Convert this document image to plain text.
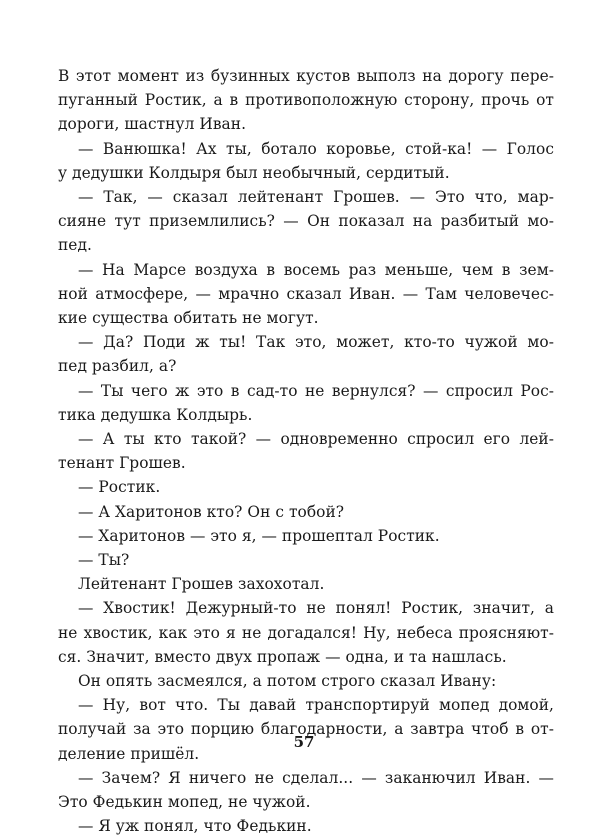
В этот момент из бузинных кустов выполз на дорогу пере-
пуганный Ростик, а в противоположную сторону, прочь от
дороги, шастнул Иван.
— Ванюшка! Ах ты, ботало коровье, стой-ка! — Голос
у дедушки Колдыря был необычный, сердитый.
— Так, — сказал лейтенант Грошев. — Это что, мар-
сияне тут приземлились? — Он показал на разбитый мо-
пед.
— На Марсе воздуха в восемь раз меньше, чем в зем-
ной атмосфере, — мрачно сказал Иван. — Там человечес-
кие существа обитать не могут.
— Да? Поди ж ты! Так это, может, кто-то чужой мо-
пед разбил, а?
— Ты чего ж это в сад-то не вернулся? — спросил Рос-
тика дедушка Колдырь.
— А ты кто такой? — одновременно спросил его лей-
тенант Грошев.
— Ростик.
— А Харитонов кто? Он с тобой?
— Харитонов — это я, — прошептал Ростик.
— Ты?
Лейтенант Грошев захохотал.
— Хвостик! Дежурный-то не понял! Ростик, значит, а
не хвостик, как это я не догадался! Ну, небеса проясняют-
ся. Значит, вместо двух пропаж — одна, и та нашлась.
Он опять засмеялся, а потом строго сказал Ивану:
— Ну, вот что. Ты давай транспортируй мопед домой,
получай за это порцию благодарности, а завтра чтоб в от-
деление пришёл.
— Зачем? Я ничего не сделал... — заканючил Иван. —
Это Федькин мопед, не чужой.
— Я уж понял, что Федькин.
57
